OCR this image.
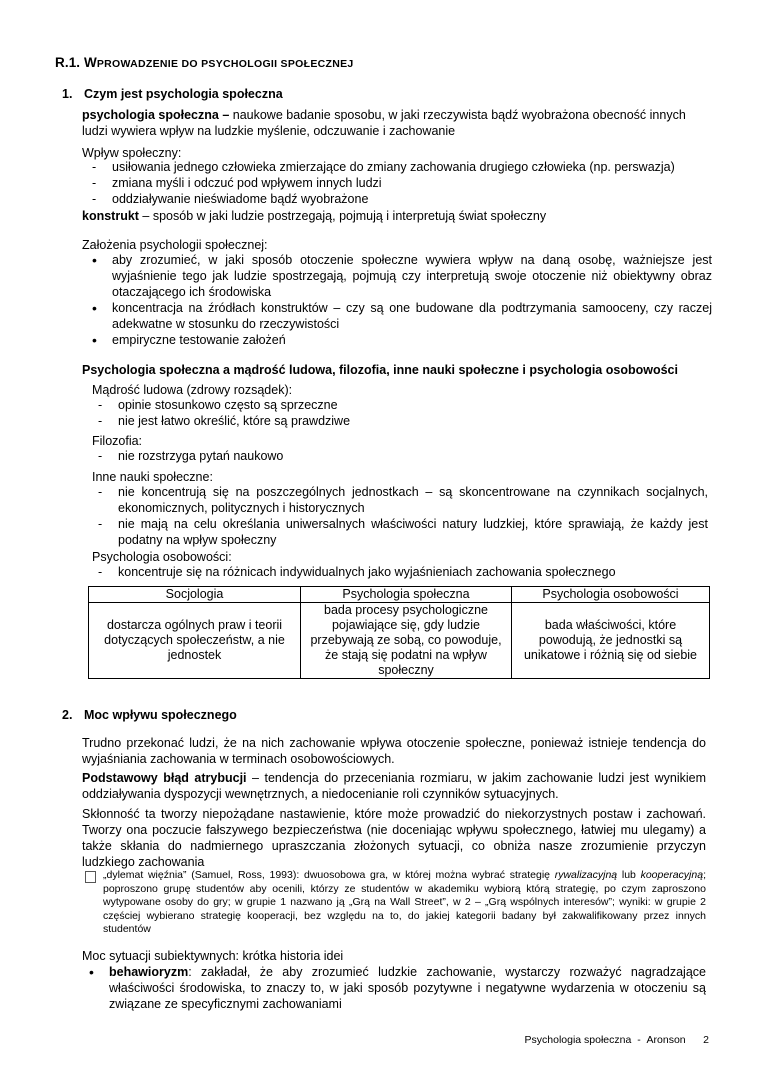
R.1. WPROWADZENIE DO PSYCHOLOGII SPOŁECZNEJ
1. Czym jest psychologia społeczna

psychologia społeczna – naukowe badanie sposobu, w jaki rzeczywista bądź wyobrażona obecność innych
ludzi wywiera wpływ na ludzkie myślenie, odczuwanie i zachowanie

Wpływ społeczny:

- usiłowania jednego człowieka zmierzające do zmiany zachowania drugiego człowieka (np. perswazja)
- zmiana myśli i odczuć pod wpływem innych ludzi
- oddziaływanie nieświadome bądź wyobrażone

konstrukt – sposób w jaki ludzie postrzegają, pojmują i interpretują świat społeczny

Założenia psychologii społecznej:

• aby zrozumieć, w jaki sposób otoczenie społeczne wywiera wpływ na daną osobę, ważniejsze jest wyjaśnienie tego jak ludzie spostrzegają, pojmują czy interpretują swoje otoczenie niż obiektywny obraz otaczającego ich środowiska
• koncentracja na źródłach konstruktów – czy są one budowane dla podtrzymania samooceny, czy raczej adekwatne w stosunku do rzeczywistości
• empiryczne testowanie założeń
Psychologia społeczna a mądrość ludowa, filozofia, inne nauki społeczne i psychologia osobowości

Mądrość ludowa (zdrowy rozsądek):

- opinie stosunkowo często są sprzeczne
- nie jest łatwo określić, które są prawdziwe

Filozofia:

- nie rozstrzyga pytań naukowo

Inne nauki społeczne:

- nie koncentrują się na poszczególnych jednostkach – są skoncentrowane na czynnikach socjalnych, ekonomicznych, politycznych i historycznych
- nie mają na celu określania uniwersalnych właściwości natury ludzkiej, które sprawiają, że każdy jest podatny na wpływ społeczny

Psychologia osobowości:

- koncentruje się na różnicach indywidualnych jako wyjaśnieniach zachowania społecznego
Socjologia	Psychologia społeczna	Psychologia osobowości
dostarcza ogólnych praw i teorii dotyczących społeczeństw, a nie jednostek	bada procesy psychologiczne pojawiające się, gdy ludzie przebywają ze sobą, co powoduje, że stają się podatni na wpływ społeczny	bada właściwości, które powodują, że jednostki są unikatowe i różnią się od siebie
2. Moc wpływu społecznego

Trudno przekonać ludzi, że na nich zachowanie wpływa otoczenie społeczne, ponieważ istnieje tendencja do wyjaśniania zachowania w terminach osobowościowych.

Podstawowy błąd atrybucji – tendencja do przeceniania rozmiaru, w jakim zachowanie ludzi jest wynikiem oddziaływania dyspozycji wewnętrznych, a niedocenianie roli czynników sytuacyjnych.

Skłonność ta tworzy niepożądane nastawienie, które może prowadzić do niekorzystnych postaw i zachowań. Tworzy ona poczucie fałszywego bezpieczeństwa (nie doceniając wpływu społecznego, łatwiej mu ulegamy) a także skłania do nadmiernego upraszczania złożonych sytuacji, co obniża nasze zrozumienie przyczyn ludzkiego zachowania

„dylemat więźnia” (Samuel, Ross, 1993): dwuosobowa gra, w której można wybrać strategię rywalizacyjną lub kooperacyjną; poproszono grupę studentów aby ocenili, którzy ze studentów w akademiku wybiorą którą strategię, po czym zaproszono wytypowane osoby do gry; w grupie 1 nazwano ją „Grą na Wall Street”, w 2 – „Grą wspólnych interesów”; wyniki: w grupie 2 częściej wybierano strategię kooperacji, bez względu na to, do jakiej kategorii badany był zakwalifikowany przez innych studentów

Moc sytuacji subiektywnych: krótka historia idei

• behawioryzm: zakładał, że aby zrozumieć ludzkie zachowanie, wystarczy rozważyć nagradzające właściwości środowiska, to znaczy to, w jaki sposób pozytywne i negatywne wydarzenia w otoczeniu są związane ze specyficznymi zachowaniami
Psychologia społeczna - Aronson 2
